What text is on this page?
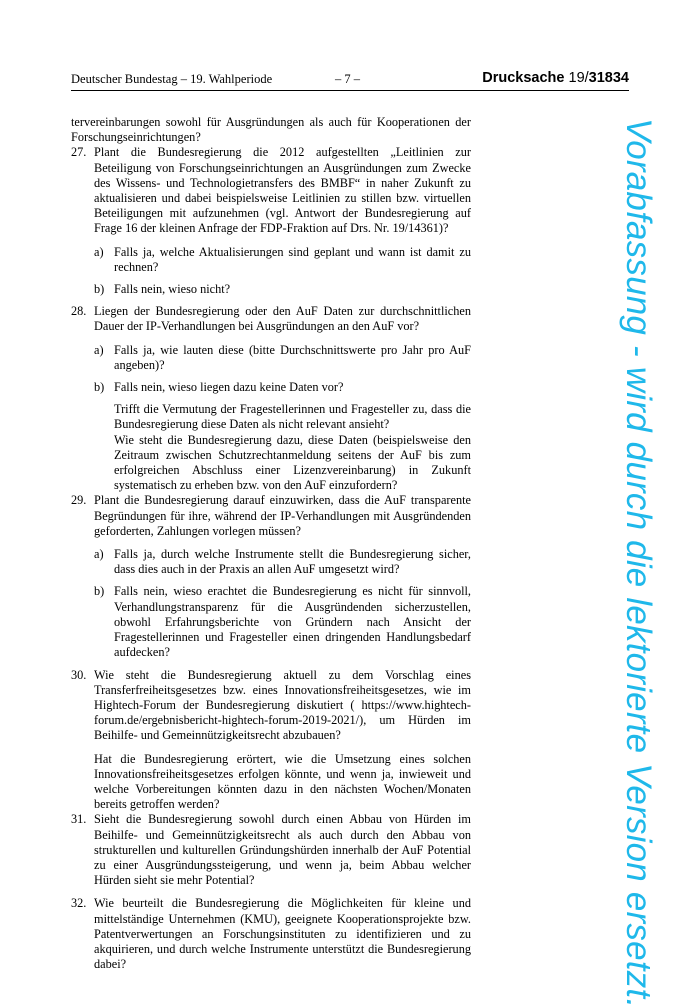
Deutscher Bundestag – 19. Wahlperiode	– 7 –	Drucksache 19/31834

tervereinbarungen sowohl für Ausgründungen als auch für Kooperationen der Forschungseinrichtungen?

27. Plant die Bundesregierung die 2012 aufgestellten „Leitlinien zur Beteiligung von Forschungseinrichtungen an Ausgründungen zum Zwecke des Wissens- und Technologietransfers des BMBF“ in naher Zukunft zu aktualisieren und dabei beispielsweise Leitlinien zu stillen bzw. virtuellen Beteiligungen mit aufzunehmen (vgl. Antwort der Bundesregierung auf Frage 16 der kleinen Anfrage der FDP-Fraktion auf Drs. Nr. 19/14361)?

a) Falls ja, welche Aktualisierungen sind geplant und wann ist damit zu rechnen?

b) Falls nein, wieso nicht?

28. Liegen der Bundesregierung oder den AuF Daten zur durchschnittlichen Dauer der IP-Verhandlungen bei Ausgründungen an den AuF vor?

a) Falls ja, wie lauten diese (bitte Durchschnittswerte pro Jahr pro AuF angeben)?

b) Falls nein, wieso liegen dazu keine Daten vor?

Trifft die Vermutung der Fragestellerinnen und Fragesteller zu, dass die Bundesregierung diese Daten als nicht relevant ansieht?

Wie steht die Bundesregierung dazu, diese Daten (beispielsweise den Zeitraum zwischen Schutzrechtanmeldung seitens der AuF bis zum erfolgreichen Abschluss einer Lizenzvereinbarung) in Zukunft systematisch zu erheben bzw. von den AuF einzufordern?

29. Plant die Bundesregierung darauf einzuwirken, dass die AuF transparente Begründungen für ihre, während der IP-Verhandlungen mit Ausgründenden geforderten, Zahlungen vorlegen müssen?

a) Falls ja, durch welche Instrumente stellt die Bundesregierung sicher, dass dies auch in der Praxis an allen AuF umgesetzt wird?

b) Falls nein, wieso erachtet die Bundesregierung es nicht für sinnvoll, Verhandlungstransparenz für die Ausgründenden sicherzustellen, obwohl Erfahrungsberichte von Gründern nach Ansicht der Fragestellerinnen und Fragesteller einen dringenden Handlungsbedarf aufdecken?

30. Wie steht die Bundesregierung aktuell zu dem Vorschlag eines Transferfreiheitsgesetzes bzw. eines Innovationsfreiheitsgesetzes, wie im Hightech-Forum der Bundesregierung diskutiert ( https://www.hightech-forum.de/ergebnisbericht-hightech-forum-2019-2021/), um Hürden im Beihilfe- und Gemeinnützigkeitsrecht abzubauen?

Hat die Bundesregierung erörtert, wie die Umsetzung eines solchen Innovationsfreiheitsgesetzes erfolgen könnte, und wenn ja, inwieweit und welche Vorbereitungen könnten dazu in den nächsten Wochen/Monaten bereits getroffen werden?

31. Sieht die Bundesregierung sowohl durch einen Abbau von Hürden im Beihilfe- und Gemeinnützigkeitsrecht als auch durch den Abbau von strukturellen und kulturellen Gründungshürden innerhalb der AuF Potential zu einer Ausgründungssteigerung, und wenn ja, beim Abbau welcher Hürden sieht sie mehr Potential?

32. Wie beurteilt die Bundesregierung die Möglichkeiten für kleine und mittelständige Unternehmen (KMU), geeignete Kooperationsprojekte bzw. Patentverwertungen an Forschungsinstituten zu identifizieren und zu akquirieren, und durch welche Instrumente unterstützt die Bundesregierung dabei?	Vorabfassung - wird durch die lektorierte Version ersetzt.
